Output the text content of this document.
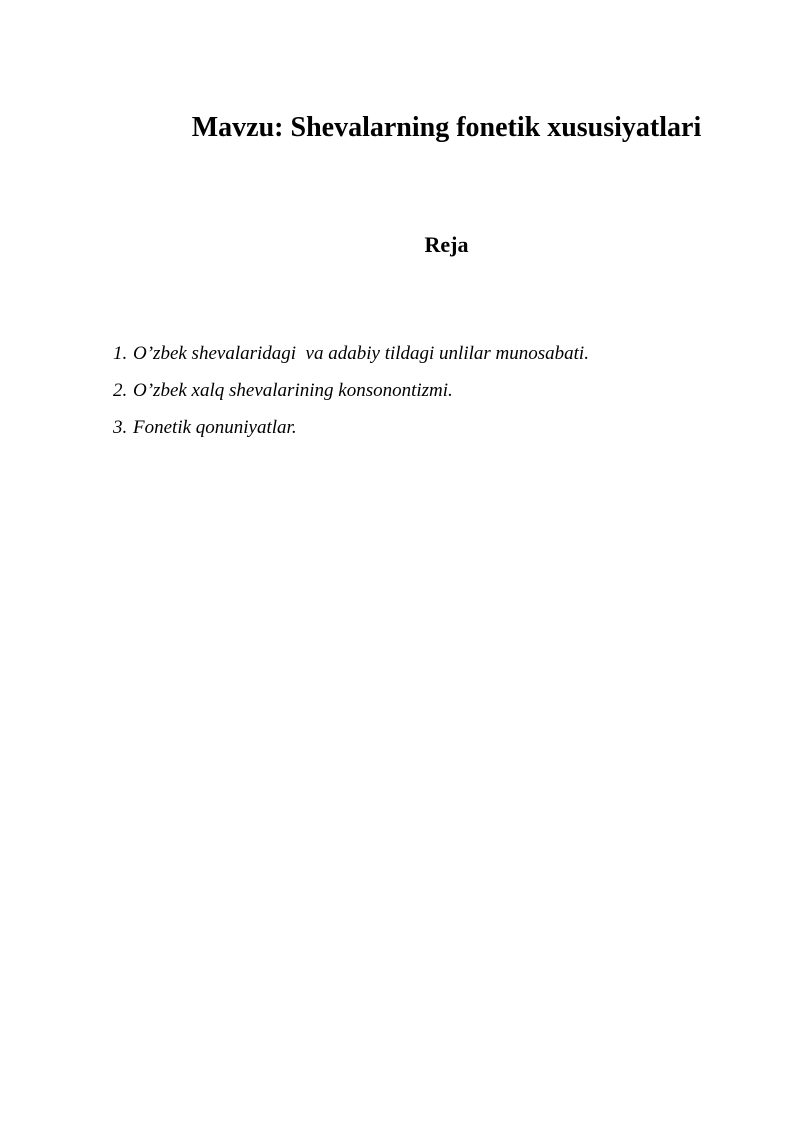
Mavzu: Shevalarning fonetik xususiyatlari
Reja
1. O’zbek shevalaridagi  va adabiy tildagi unlilar munosabati.
2. O’zbek xalq shevalarining konsonontizmi.
3. Fonetik qonuniyatlar.
